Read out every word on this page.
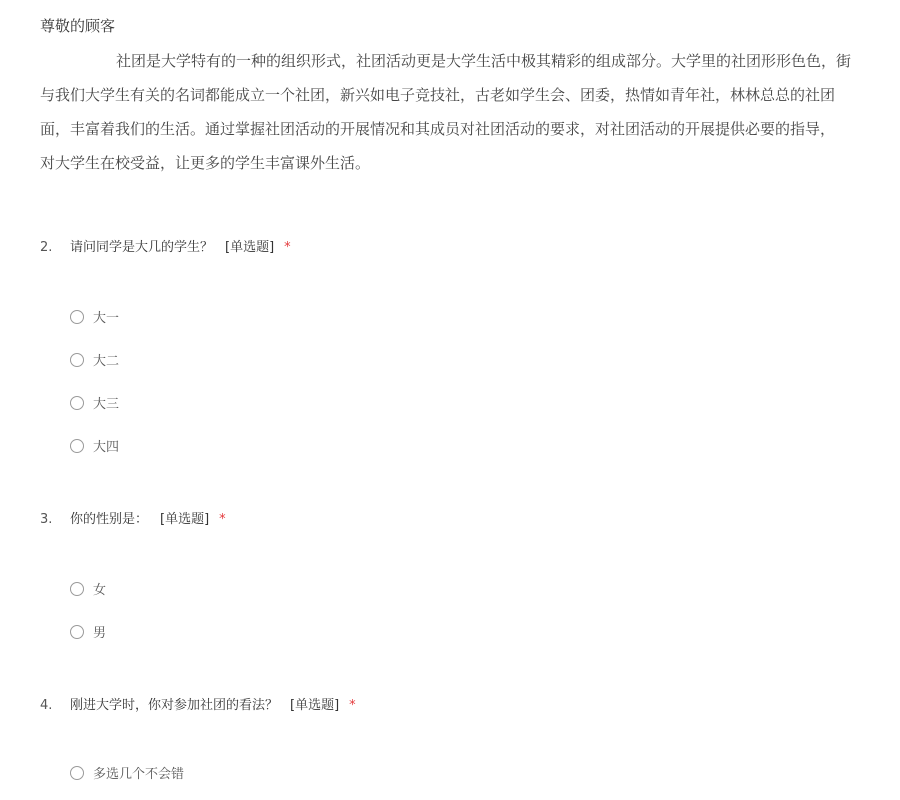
尊敬的顾客

社团是大学特有的一种的组织形式，社团活动更是大学生活中极其精彩的组成部分。大学里的社团形形色色，街
与我们大学生有关的名词都能成立一个社团，新兴如电子竞技社，古老如学生会、团委，热情如青年社，林林总总的社团
面，丰富着我们的生活。通过掌握社团活动的开展情况和其成员对社团活动的要求，对社团活动的开展提供必要的指导，
对大学生在校受益，让更多的学生丰富课外生活。

2. 请问同学是大几的学生？ [单选题] *
大一
大二
大三
大四
3. 你的性别是： [单选题] *
女
男
4. 刚进大学时，你对参加社团的看法？ [单选题] *
多选几个不会错
